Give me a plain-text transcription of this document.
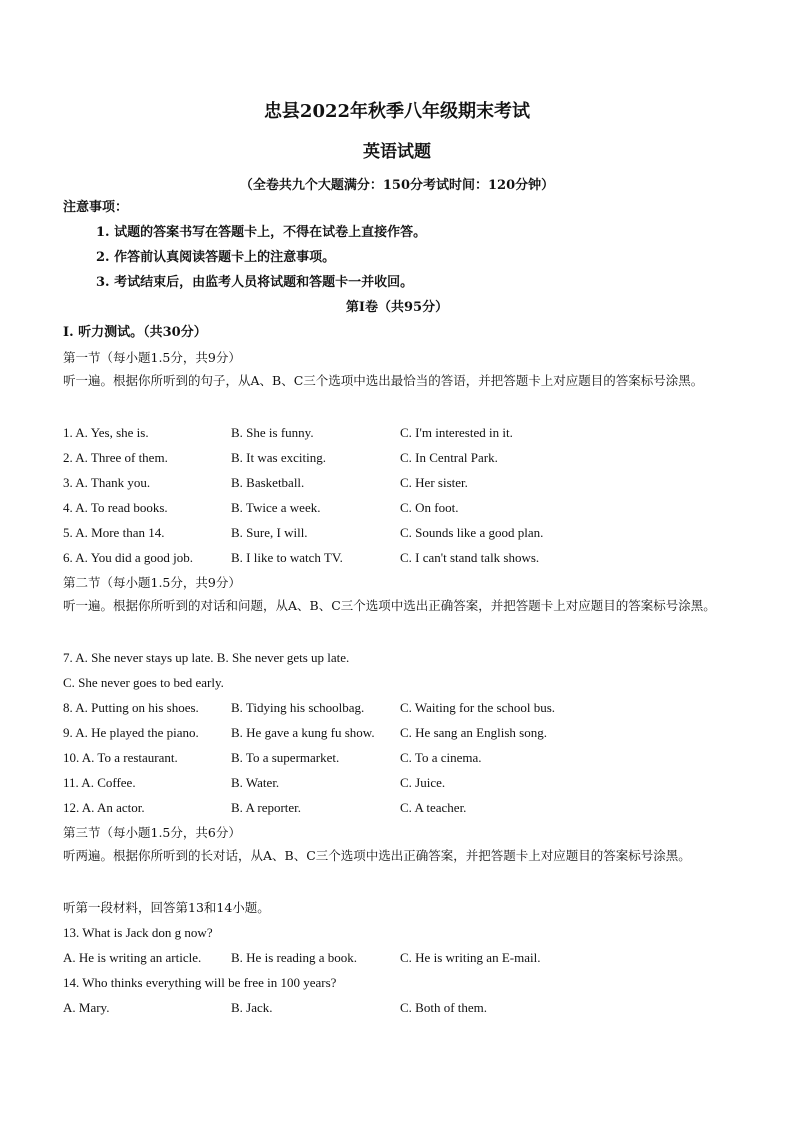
忠县2022年秋季八年级期末考试
英语试题
（全卷共九个大题满分：150分考试时间：120分钟）
注意事项：
1. 试题的答案书写在答题卡上，不得在试卷上直接作答。
2. 作答前认真阅读答题卡上的注意事项。
3. 考试结束后，由监考人员将试题和答题卡一并收回。
第Ⅰ卷（共95分）
I. 听力测试。（共30分）
第一节（每小题1.5分，共9分）
听一遍。根据你所听到的句子，从A、B、C三个选项中选出最恰当的答语，并把答题卡上对应题目的答案标号涂黑。
1. A. Yes, she is.	B. She is funny.	C. I'm interested in it.
2. A. Three of them.	B. It was exciting.	C. In Central Park.
3. A. Thank you.	B. Basketball.	C. Her sister.
4. A. To read books.	B. Twice a week.	C. On foot.
5. A. More than 14.	B. Sure, I will.	C. Sounds like a good plan.
6. A. You did a good job.	B. I like to watch TV.	C. I can't stand talk shows.
第二节（每小题1.5分，共9分）
听一遍。根据你所听到的对话和问题，从A、B、C三个选项中选出正确答案，并把答题卡上对应题目的答案标号涂黑。
7. A. She never stays up late. B. She never gets up late.
C. She never goes to bed early.
8. A. Putting on his shoes. B. Tidying his schoolbag.	C. Waiting for the school bus.
9. A. He played the piano. B. He gave a kung fu show. C. He sang an English song.
10. A. To a restaurant.	B. To a supermarket.	C. To a cinema.
11. A. Coffee.	B. Water.	C. Juice.
12. A. An actor.	B. A reporter.	C. A teacher.
第三节（每小题1.5分，共6分）
听两遍。根据你所听到的长对话，从A、B、C三个选项中选出正确答案，并把答题卡上对应题目的答案标号涂黑。
听第一段材料，回答第13和14小题。
13. What is Jack don g now?
A. He is writing an article. B. He is reading a book.	C. He is writing an E-mail.
14. Who thinks everything will be free in 100 years?
A. Mary.	B. Jack.	C. Both of them.
